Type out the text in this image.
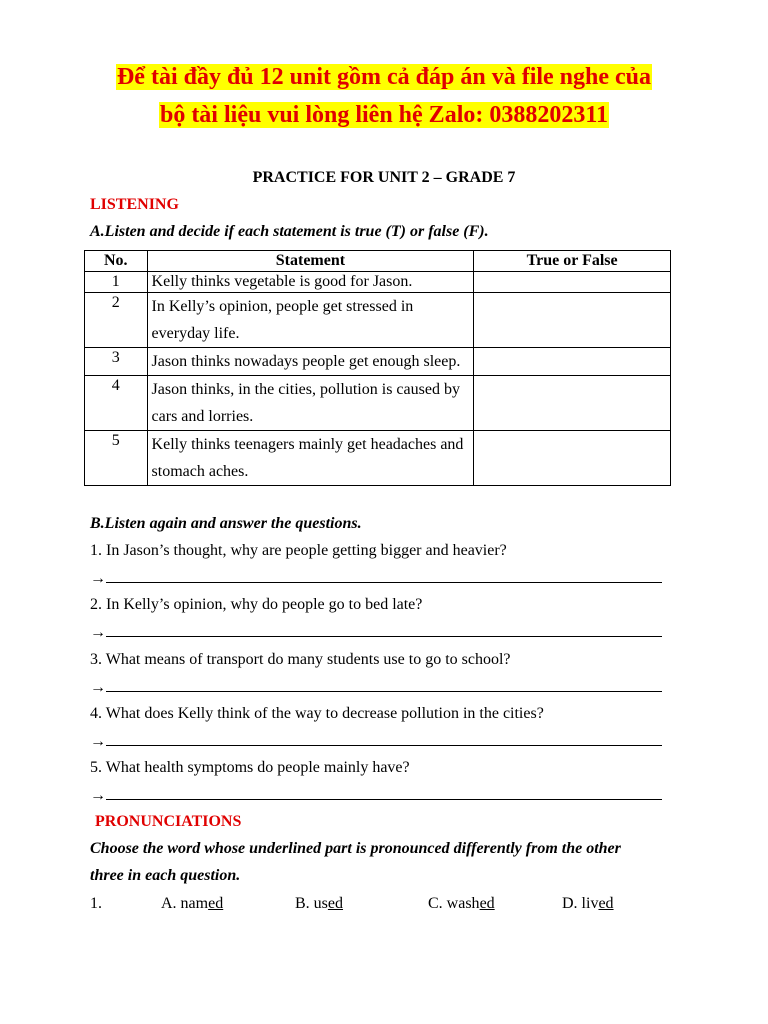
Để tài đầy đủ 12 unit gồm cả đáp án và file nghe của
bộ tài liệu vui lòng liên hệ Zalo: 0388202311
PRACTICE FOR UNIT 2 – GRADE 7
LISTENING
A.Listen and decide if each statement is true (T) or false (F).
No.	Statement	True or False
1	Kelly thinks vegetable is good for Jason.	
2	In Kelly’s opinion, people get stressed in everyday life.	
3	Jason thinks nowadays people get enough sleep.	
4	Jason thinks, in the cities, pollution is caused by cars and lorries.	
5	Kelly thinks teenagers mainly get headaches and stomach aches.	
B.Listen again and answer the questions.
1. In Jason’s thought, why are people getting bigger and heavier?
→
2. In Kelly’s opinion, why do people go to bed late?
→
3. What means of transport do many students use to go to school?
→
4. What does Kelly think of the way to decrease pollution in the cities?
→
5. What health symptoms do people mainly have?
→
PRONUNCIATIONS
Choose the word whose underlined part is pronounced differently from the other
three in each question.
1.	A. named	B. used	C. washed	D. lived
